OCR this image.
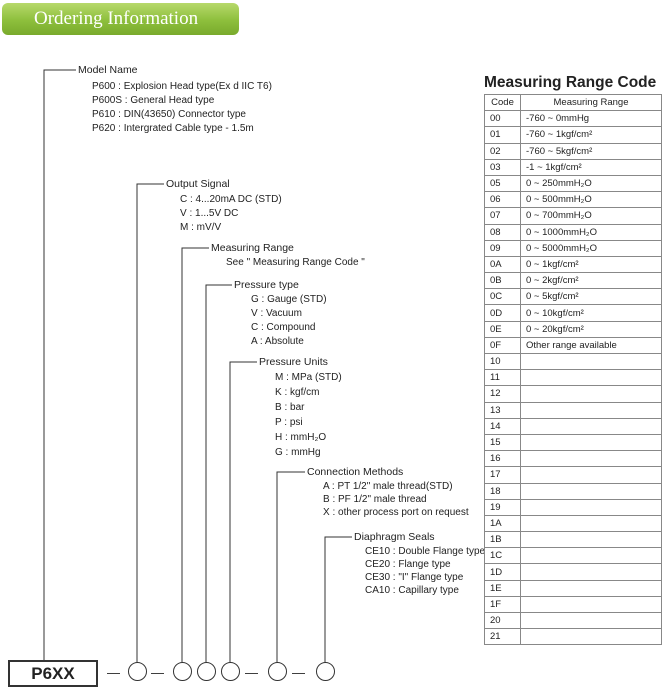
Ordering Information
Model Name
P600 : Explosion Head type(Ex d IIC T6)
P600S : General Head type
P610 : DIN(43650) Connector type
P620 : Intergrated Cable type - 1.5m
Output Signal
C : 4...20mA DC (STD)
V : 1...5V DC
M : mV/V
Measuring Range
See " Measuring Range Code "
Pressure type
G : Gauge (STD)
V : Vacuum
C : Compound
A : Absolute
Pressure Units
M : MPa (STD)
K : kgf/cm
B : bar
P : psi
H : mmH₂O
G : mmHg
Connection Methods
A : PT 1/2" male thread(STD)
B : PF 1/2" male thread
X : other process port on request
Diaphragm Seals
CE10 : Double Flange type
CE20 : Flange type
CE30 : "I" Flange type
CA10 : Capillary type
P6XX	— —	—	—
Measuring Range Code
Code	Measuring Range
00	-760 ~ 0mmHg
01	-760 ~ 1kgf/cm²
02	-760 ~ 5kgf/cm²
03	-1 ~ 1kgf/cm²
05	0 ~ 250mmH₂O
06	0 ~ 500mmH₂O
07	0 ~ 700mmH₂O
08	0 ~ 1000mmH₂O
09	0 ~ 5000mmH₂O
0A	0 ~ 1kgf/cm²
0B	0 ~ 2kgf/cm²
0C	0 ~ 5kgf/cm²
0D	0 ~ 10kgf/cm²
0E	0 ~ 20kgf/cm²
0F	Other range available
10	
11	
12	
13	
14	
15	
16	
17	
18	
19	
1A	
1B	
1C	
1D	
1E	
1F	
20	
21	
